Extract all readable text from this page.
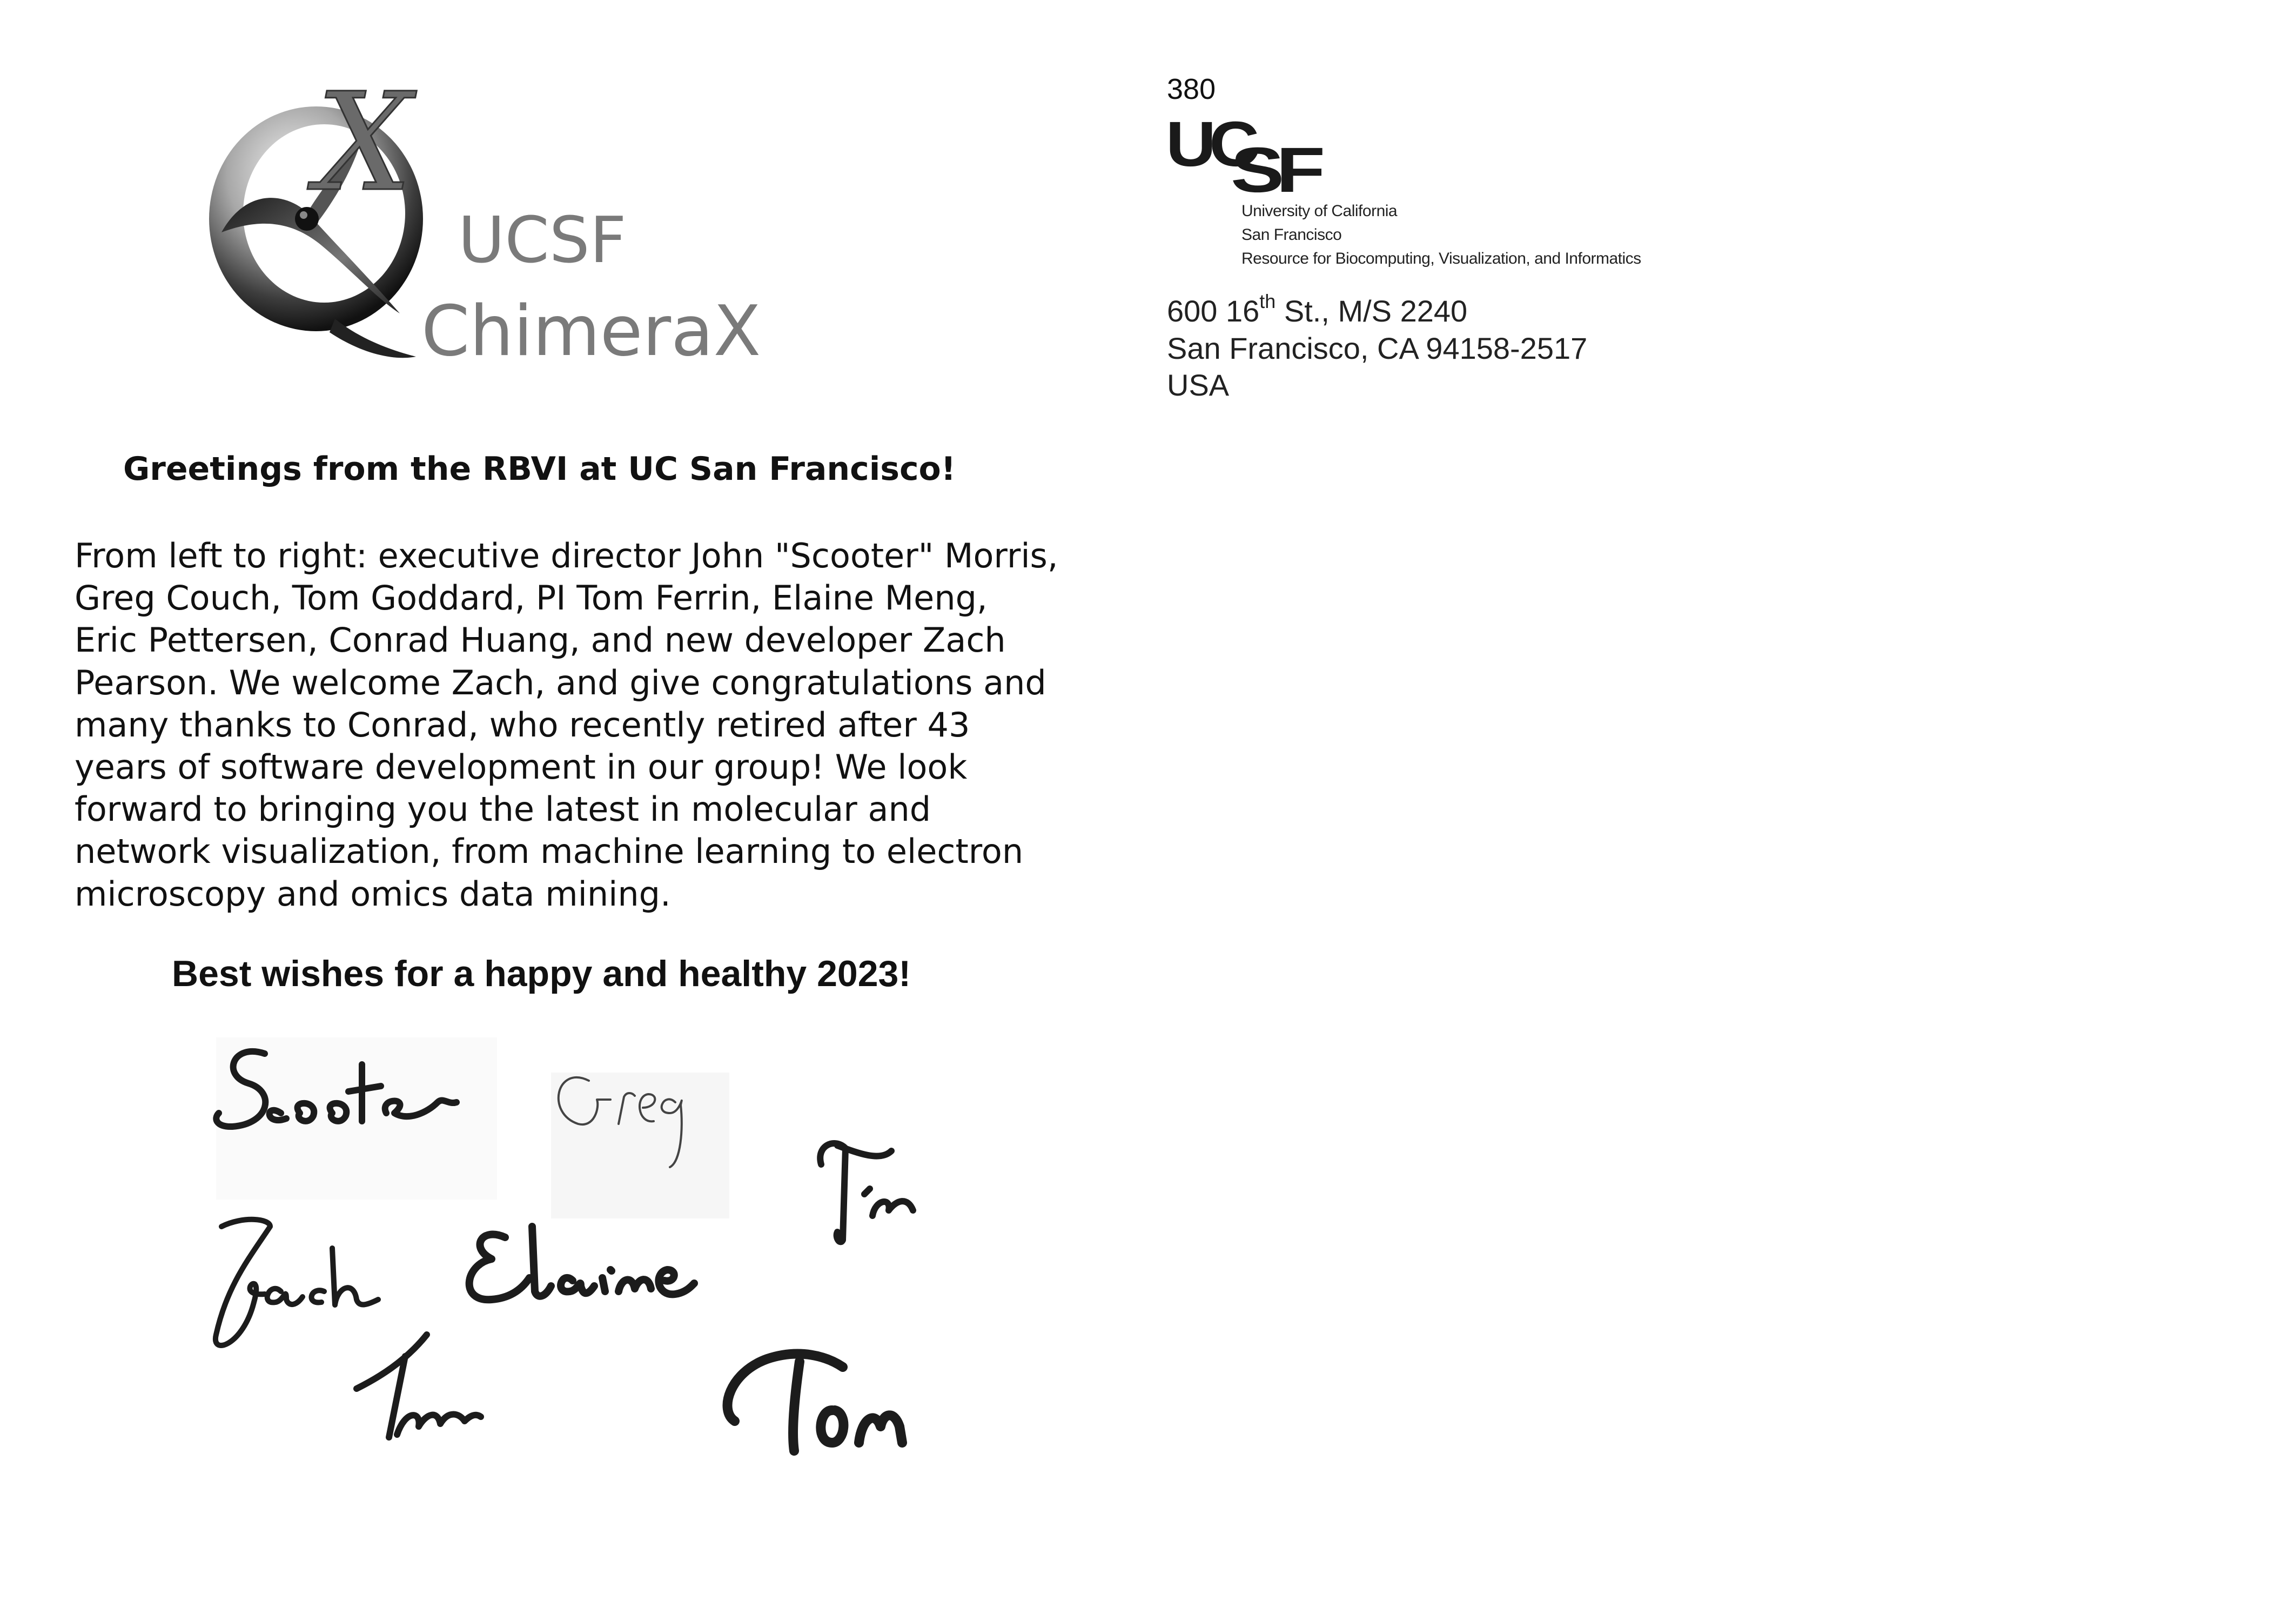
X
UCSF
ChimeraX
380
UC
SF
University of California
San Francisco
Resource for Biocomputing, Visualization, and Informatics
600 16th St., M/S 2240
San Francisco, CA 94158-2517
USA
Greetings from the RBVI at UC San Francisco!
From left to right: executive director John "Scooter" Morris,
Greg Couch, Tom Goddard, PI Tom Ferrin, Elaine Meng,
Eric Pettersen, Conrad Huang, and new developer Zach
Pearson. We welcome Zach, and give congratulations and
many thanks to Conrad, who recently retired after 43
years of software development in our group! We look
forward to bringing you the latest in molecular and
network visualization, from machine learning to electron
microscopy and omics data mining.
Best wishes for a happy and healthy 2023!
